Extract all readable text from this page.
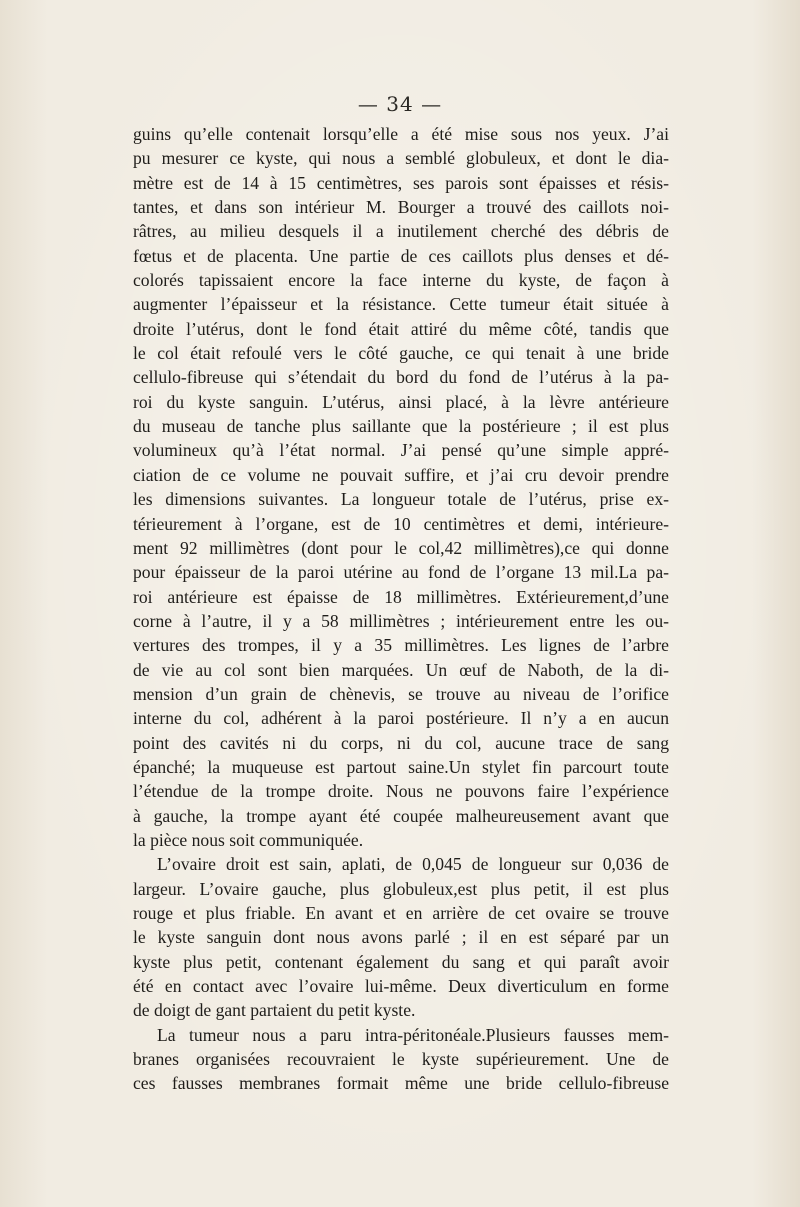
— 34 —
guins qu’elle contenait lorsqu’elle a été mise sous nos yeux. J’ai
pu mesurer ce kyste, qui nous a semblé globuleux, et dont le dia-
mètre est de 14 à 15 centimètres, ses parois sont épaisses et résis-
tantes, et dans son intérieur M. Bourger a trouvé des caillots noi-
râtres, au milieu desquels il a inutilement cherché des débris de
fœtus et de placenta. Une partie de ces caillots plus denses et dé-
colorés tapissaient encore la face interne du kyste, de façon à
augmenter l’épaisseur et la résistance. Cette tumeur était située à
droite l’utérus, dont le fond était attiré du même côté, tandis que
le col était refoulé vers le côté gauche, ce qui tenait à une bride
cellulo-fibreuse qui s’étendait du bord du fond de l’utérus à la pa-
roi du kyste sanguin. L’utérus, ainsi placé, à la lèvre antérieure
du museau de tanche plus saillante que la postérieure ; il est plus
volumineux qu’à l’état normal. J’ai pensé qu’une simple appré-
ciation de ce volume ne pouvait suffire, et j’ai cru devoir prendre
les dimensions suivantes. La longueur totale de l’utérus, prise ex-
térieurement à l’organe, est de 10 centimètres et demi, intérieure-
ment 92 millimètres (dont pour le col,42 millimètres),ce qui donne
pour épaisseur de la paroi utérine au fond de l’organe 13 mil.La pa-
roi antérieure est épaisse de 18 millimètres. Extérieurement,d’une
corne à l’autre, il y a 58 millimètres ; intérieurement entre les ou-
vertures des trompes, il y a 35 millimètres. Les lignes de l’arbre
de vie au col sont bien marquées. Un œuf de Naboth, de la di-
mension d’un grain de chènevis, se trouve au niveau de l’orifice
interne du col, adhérent à la paroi postérieure. Il n’y a en aucun
point des cavités ni du corps, ni du col, aucune trace de sang
épanché; la muqueuse est partout saine.Un stylet fin parcourt toute
l’étendue de la trompe droite. Nous ne pouvons faire l’expérience
à gauche, la trompe ayant été coupée malheureusement avant que
la pièce nous soit communiquée.
L’ovaire droit est sain, aplati, de 0,045 de longueur sur 0,036 de
largeur. L’ovaire gauche, plus globuleux,est plus petit, il est plus
rouge et plus friable. En avant et en arrière de cet ovaire se trouve
le kyste sanguin dont nous avons parlé ; il en est séparé par un
kyste plus petit, contenant également du sang et qui paraît avoir
été en contact avec l’ovaire lui-même. Deux diverticulum en forme
de doigt de gant partaient du petit kyste.
La tumeur nous a paru intra-péritonéale.Plusieurs fausses mem-
branes organisées recouvraient le kyste supérieurement. Une de
ces fausses membranes formait même une bride cellulo-fibreuse
